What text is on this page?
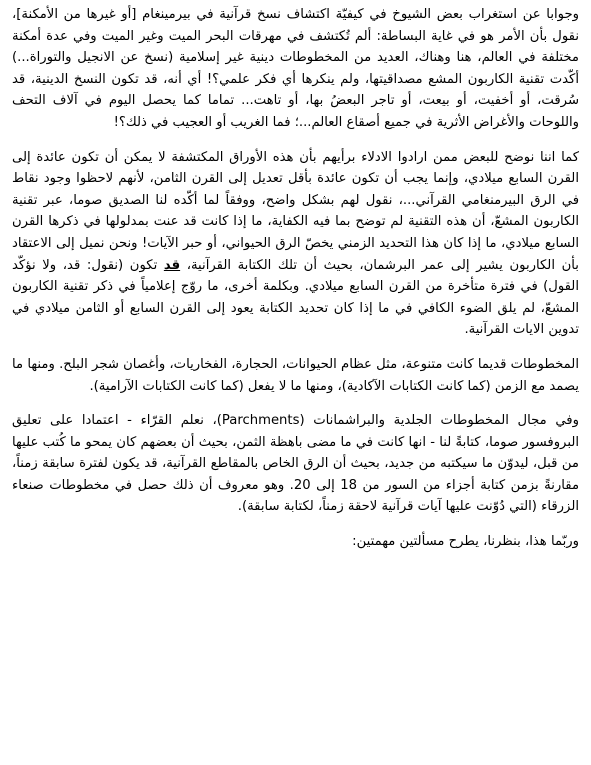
وجوابا عن استغراب بعض الشيوخ في كيفيّة اكتشاف نسخ قرآنية في بيرمينغام [أو غيرها من الأمكنة]، نقول بأن الأمر هو في غاية البساطة: ألم تُكتشف في مهرقات البحر الميت وغير الميت وفي عدة أمكنة مختلفة في العالم، هنا وهناك، العديد من المخطوطات دينية غير إسلامية (نسخ عن الانجيل والتوراة...) أكّدت تقنية الكاربون المشع مصداقيتها، ولم ينكرها أي فكر علمي؟! أي أنه، قد تكون النسخ الدينية، قد سُرقت، أو أخفيت، أو بيعت، أو تاجر البعضُ بها، أو تاهت... تماما كما يحصل اليوم في آلاف التحف واللوحات والأغراض الأثرية في جميع أصقاع العالم...؛ فما الغريب أو العجيب في ذلك؟!

كما اننا نوضح للبعض ممن ارادوا الادلاء برأيهم بأن هذه الأوراق المكتشفة لا يمكن أن تكون عائدة إلى القرن السابع ميلادي، وإنما يجب أن تكون عائدة بأقل تعديل إلى القرن الثامن، لأنهم لاحظوا وجود نقاط في الرق البيرمنغامي القرآني...، نقول لهم بشكل واضح، ووفقاً لما أكّده لنا الصديق صوما، عبر تقنية الكاربون المشعّ، أن هذه التقنية لم توضح بما فيه الكفاية، ما إذا كانت قد عنت بمدلولها في ذكرها القرن السابع ميلادي، ما إذا كان هذا التحديد الزمني يخصّ الرق الحيواني، أو حبر الآيات! ونحن نميل إلى الاعتقاد بأن الكاربون يشير إلى عمر البرشمان، بحيث أن تلك الكتابة القرآنية، قد تكون (نقول: قد، ولا نؤكّد القول) في فترة متأخرة من القرن السابع ميلادي. وبكلمة أخرى، ما روّج إعلامياً في ذكر تقنية الكاربون المشعّ، لم يلق الضوء الكافي في ما إذا كان تحديد الكتابة يعود إلى القرن السابع أو الثامن ميلادي في تدوين الايات القرآنية.

المخطوطات قديما كانت متنوعة، مثل عظام الحيوانات، الحجارة، الفخاريات، وأغصان شجر البلح. ومنها ما يصمد مع الزمن (كما كانت الكتابات الآكادية)، ومنها ما لا يفعل (كما كانت الكتابات الآرامية).

وفي مجال المخطوطات الجلدية والبراشمانات (Parchments)، نعلم القرّاء - اعتمادا على تعليق البروفسور صوما، كتابةً لنا - انها كانت في ما مضى باهظة الثمن، بحيث أن بعضهم كان يمحو ما كُتب عليها من قبل، ليدوّن ما سيكتبه من جديد، بحيث أن الرق الخاص بالمقاطع القرآنية، قد يكون لفترة سابقة زمناً، مقارنةً بزمن كتابة أجزاء من السور من 18 إلى 20. وهو معروف أن ذلك حصل في مخطوطات صنعاء الزرقاء (التي دُوّنت عليها آيات قرآنية لاحقة زمناً، لكتابة سابقة).

وربّما هذا، بنظرنا، يطرح مسألتين مهمتين:
